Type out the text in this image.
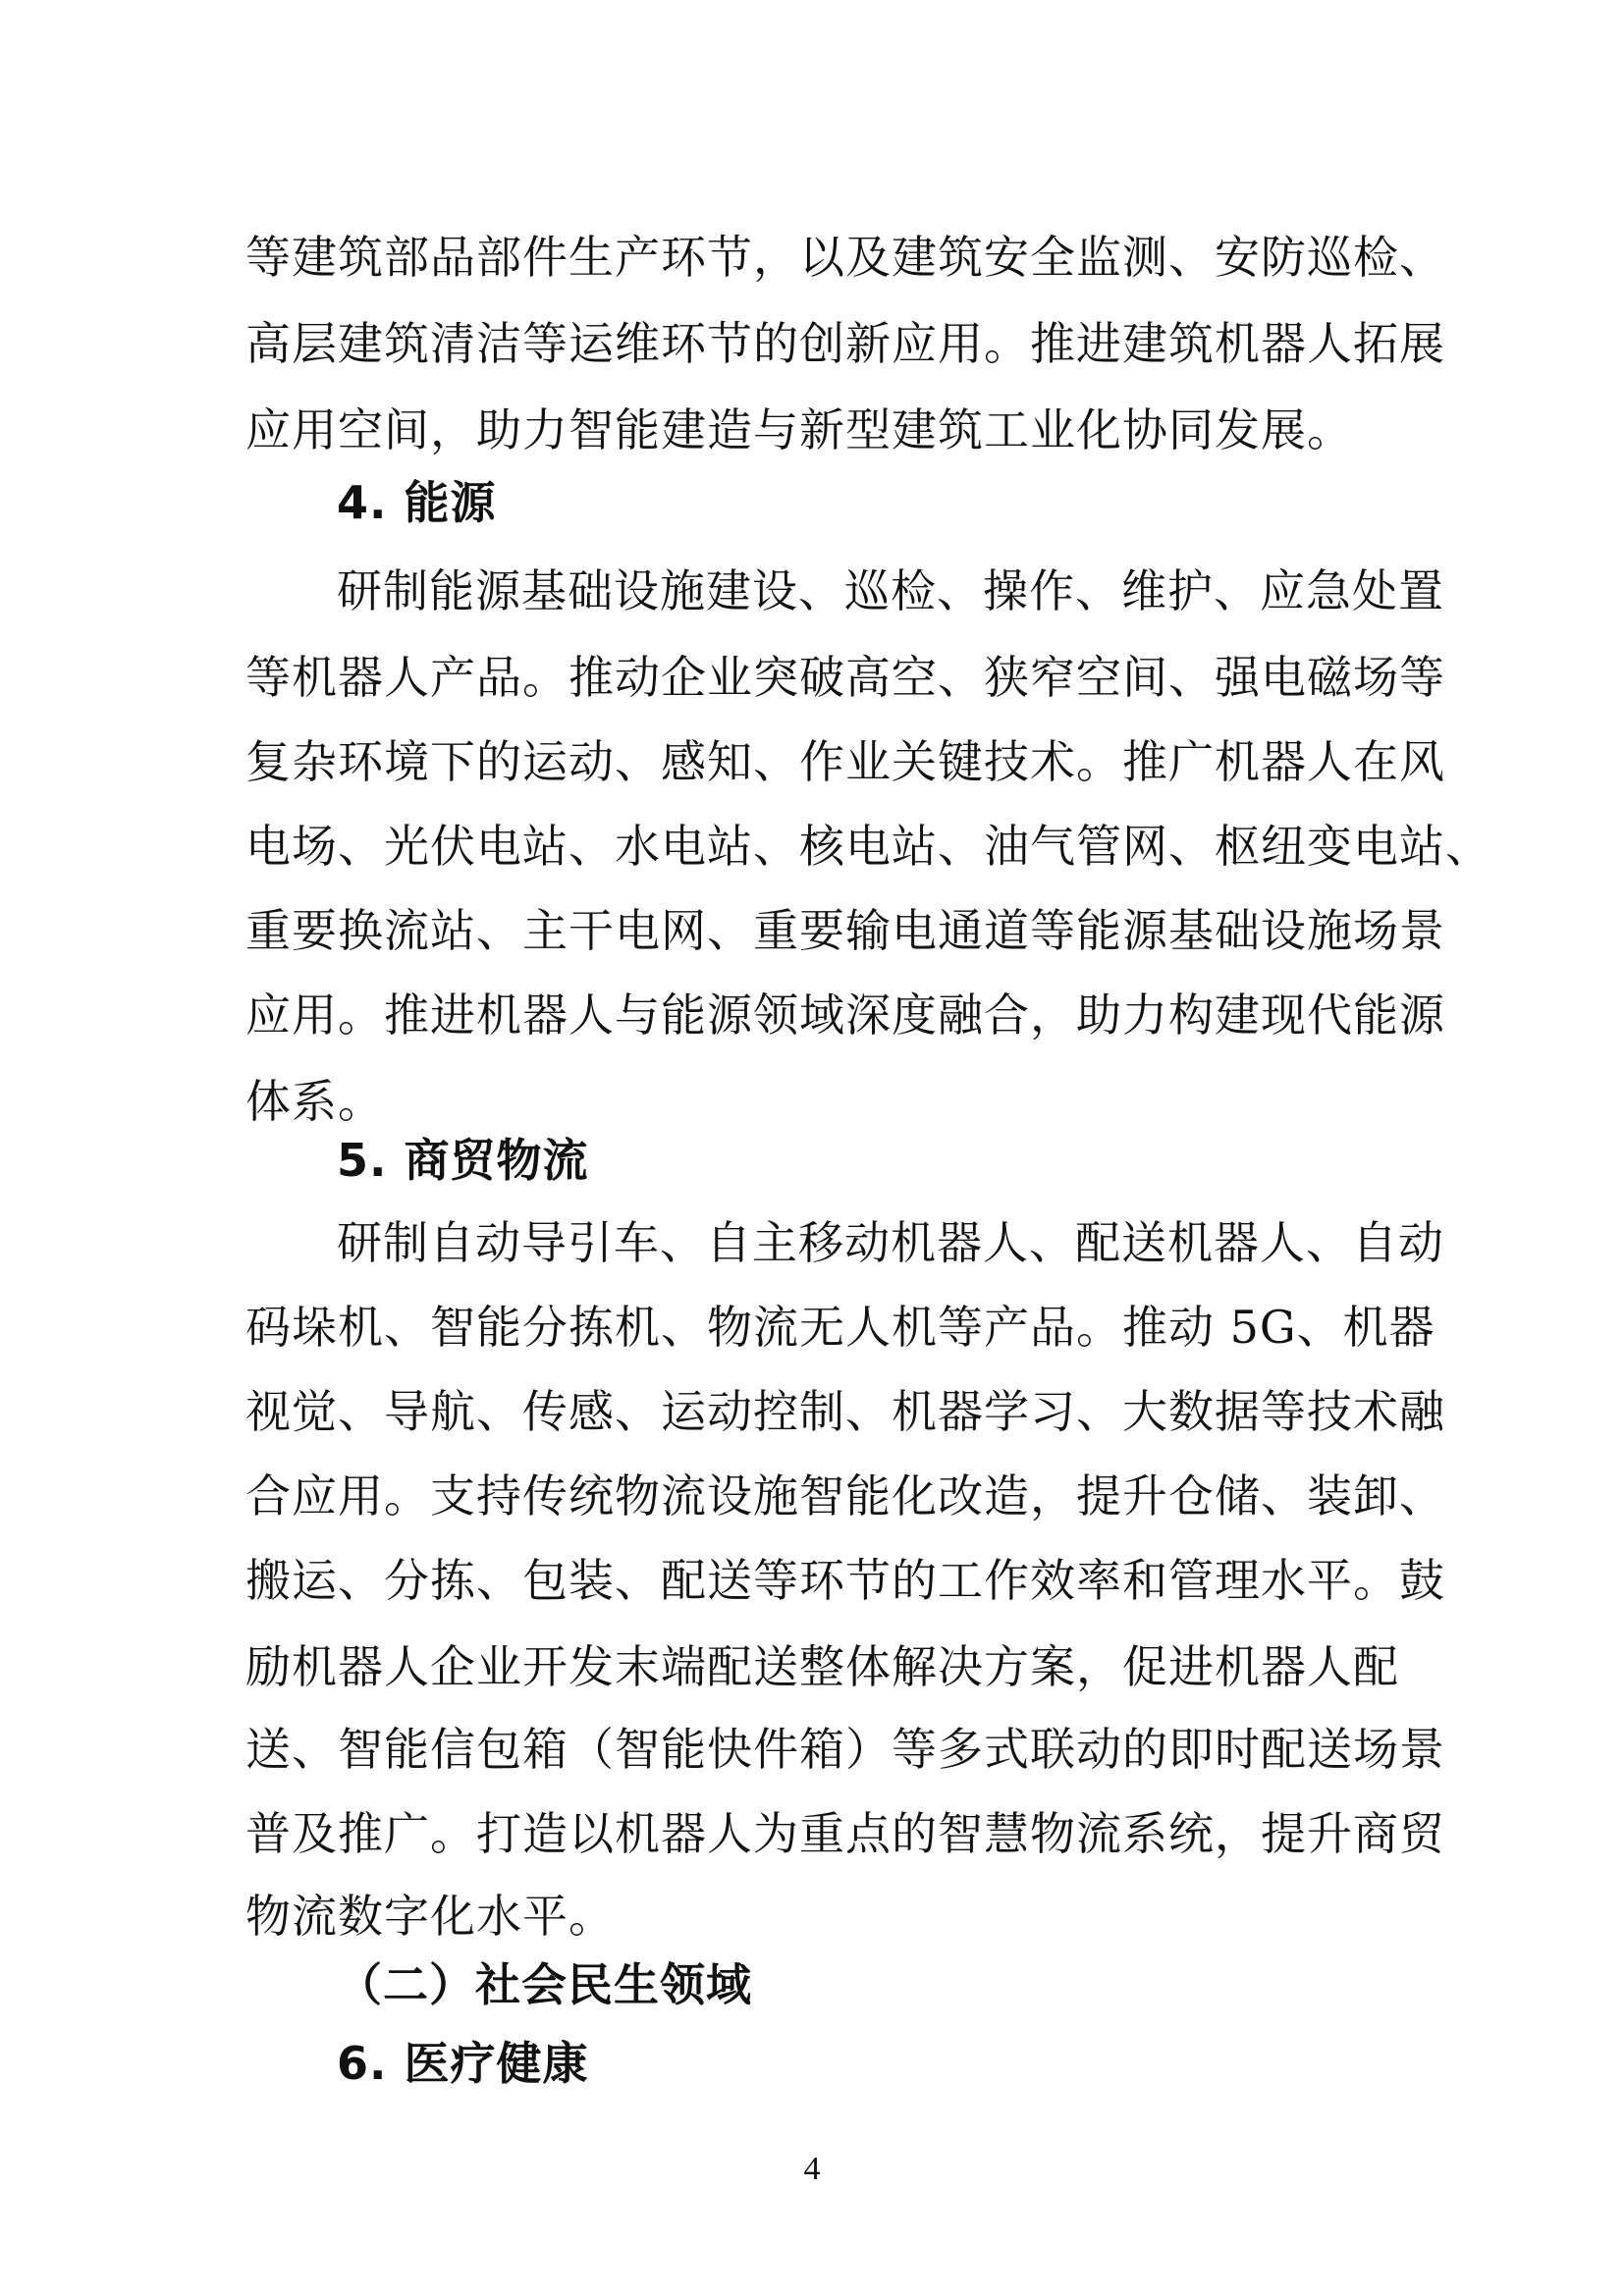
等建筑部品部件生产环节，以及建筑安全监测、安防巡检、
高层建筑清洁等运维环节的创新应用。推进建筑机器人拓展
应用空间，助力智能建造与新型建筑工业化协同发展。
4. 能源
研制能源基础设施建设、巡检、操作、维护、应急处置
等机器人产品。推动企业突破高空、狭窄空间、强电磁场等
复杂环境下的运动、感知、作业关键技术。推广机器人在风
电场、光伏电站、水电站、核电站、油气管网、枢纽变电站、
重要换流站、主干电网、重要输电通道等能源基础设施场景
应用。推进机器人与能源领域深度融合，助力构建现代能源
体系。
5. 商贸物流
研制自动导引车、自主移动机器人、配送机器人、自动
码垛机、智能分拣机、物流无人机等产品。推动 5G、机器
视觉、导航、传感、运动控制、机器学习、大数据等技术融
合应用。支持传统物流设施智能化改造，提升仓储、装卸、
搬运、分拣、包装、配送等环节的工作效率和管理水平。鼓
励机器人企业开发末端配送整体解决方案，促进机器人配
送、智能信包箱（智能快件箱）等多式联动的即时配送场景
普及推广。打造以机器人为重点的智慧物流系统，提升商贸
物流数字化水平。
（二）社会民生领域
6. 医疗健康
4
